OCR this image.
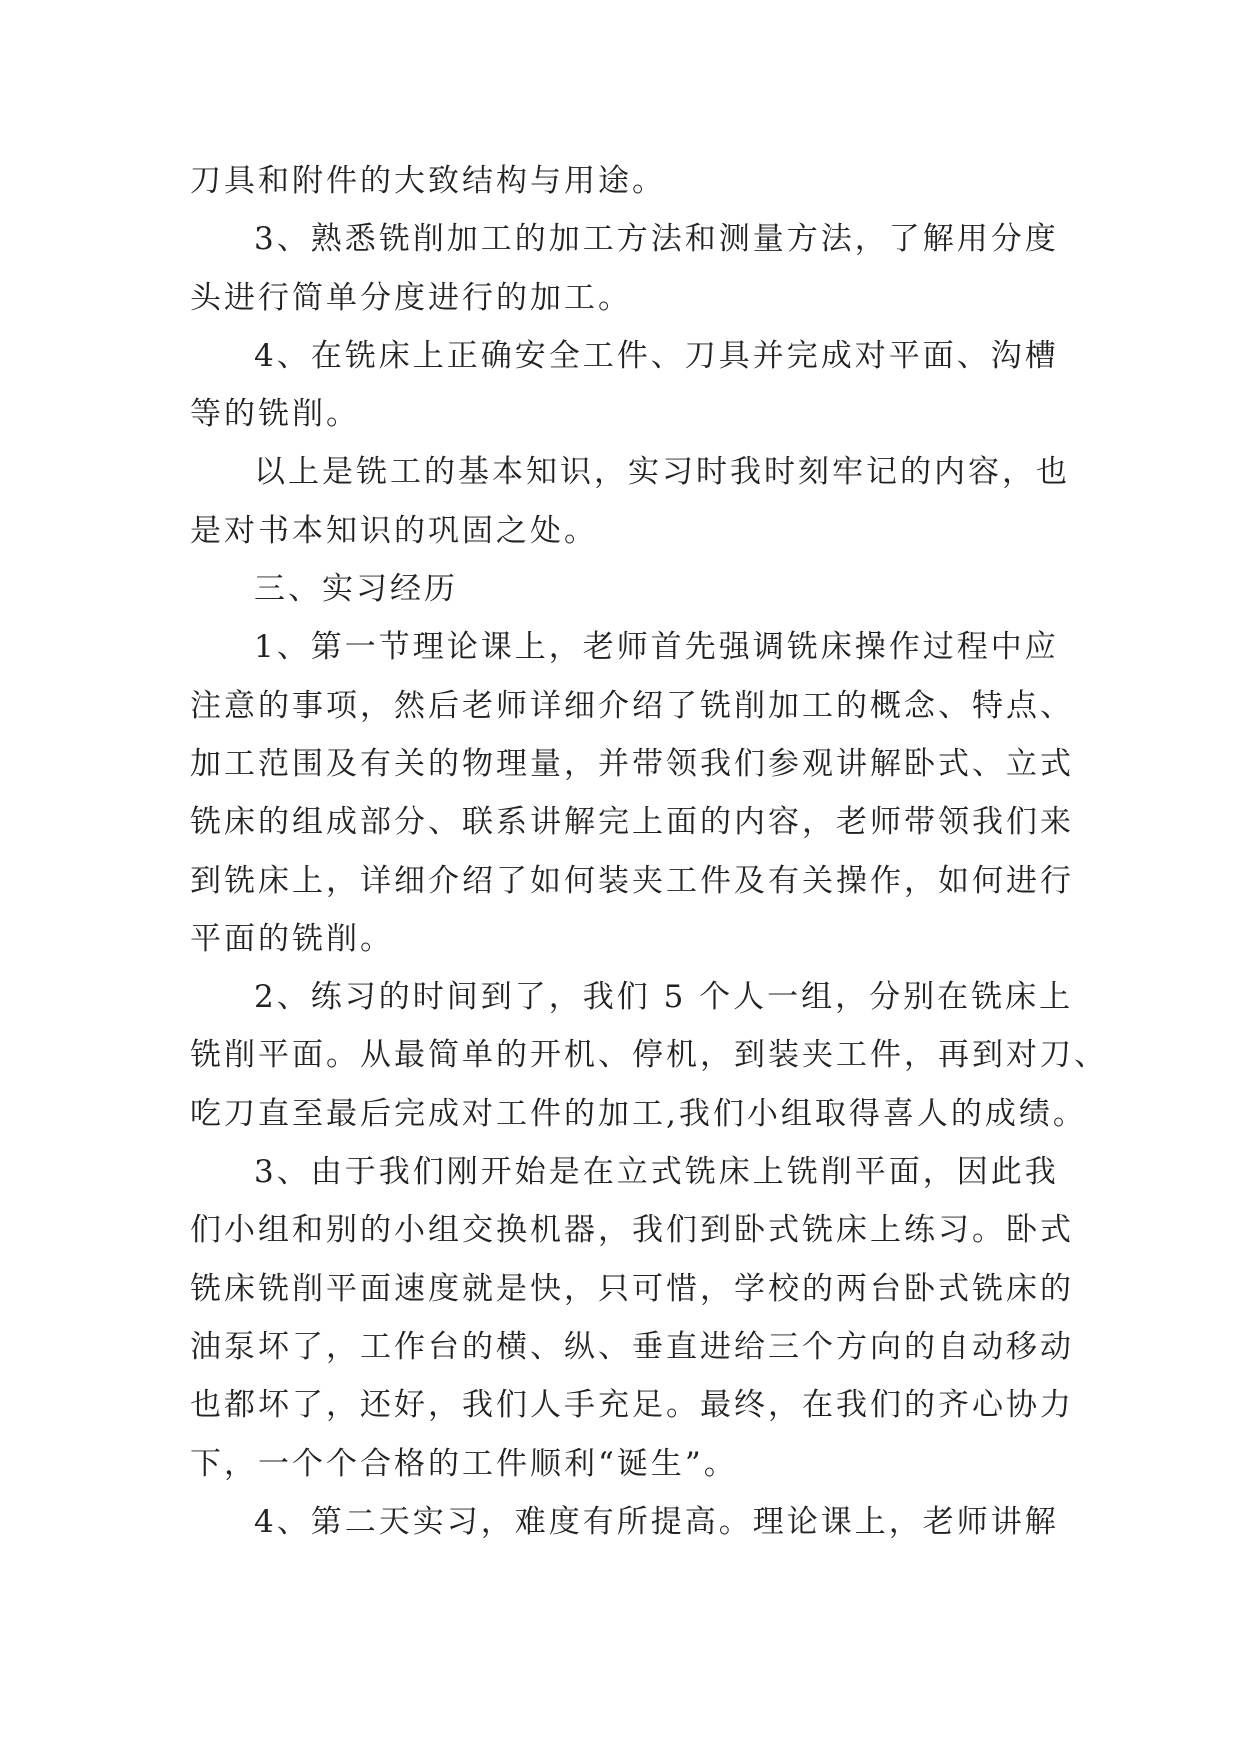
刀具和附件的大致结构与用途。
3、熟悉铣削加工的加工方法和测量方法，了解用分度
头进行简单分度进行的加工。
4、在铣床上正确安全工件、刀具并完成对平面、沟槽
等的铣削。
以上是铣工的基本知识，实习时我时刻牢记的内容，也
是对书本知识的巩固之处。
三、实习经历
1、第一节理论课上，老师首先强调铣床操作过程中应
注意的事项，然后老师详细介绍了铣削加工的概念、特点、
加工范围及有关的物理量，并带领我们参观讲解卧式、立式
铣床的组成部分、联系讲解完上面的内容，老师带领我们来
到铣床上，详细介绍了如何装夹工件及有关操作，如何进行
平面的铣削。
2、练习的时间到了，我们 5 个人一组，分别在铣床上
铣削平面。从最简单的开机、停机，到装夹工件，再到对刀、
吃刀直至最后完成对工件的加工,我们小组取得喜人的成绩。
3、由于我们刚开始是在立式铣床上铣削平面，因此我
们小组和别的小组交换机器，我们到卧式铣床上练习。卧式
铣床铣削平面速度就是快，只可惜，学校的两台卧式铣床的
油泵坏了，工作台的横、纵、垂直进给三个方向的自动移动
也都坏了，还好，我们人手充足。最终，在我们的齐心协力
下，一个个合格的工件顺利“诞生”。
4、第二天实习，难度有所提高。理论课上，老师讲解
